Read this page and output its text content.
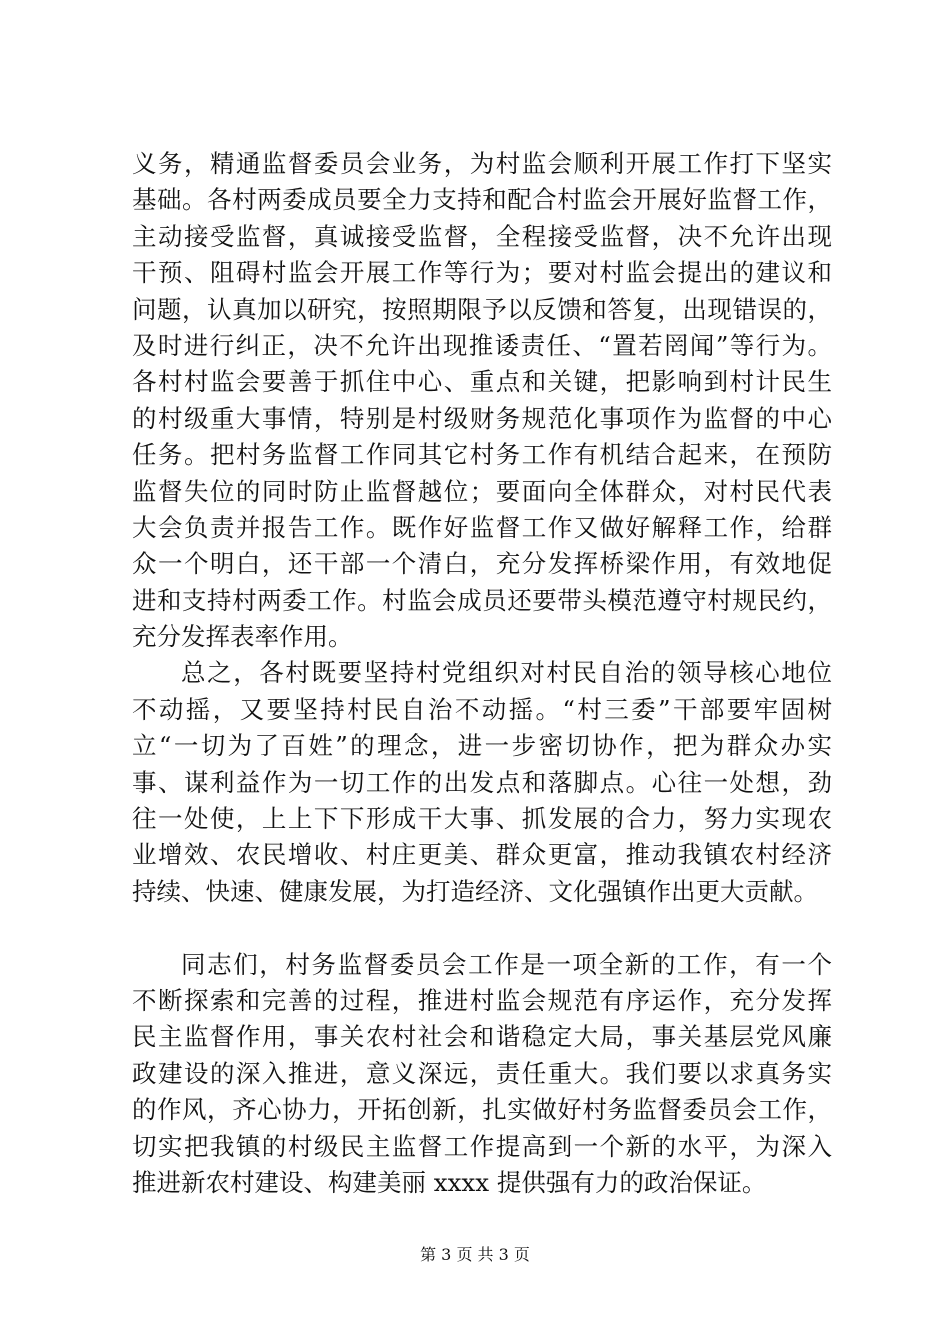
义务，精通监督委员会业务，为村监会顺利开展工作打下坚实
基础。各村两委成员要全力支持和配合村监会开展好监督工作，
主动接受监督，真诚接受监督，全程接受监督，决不允许出现
干预、阻碍村监会开展工作等行为；要对村监会提出的建议和
问题，认真加以研究，按照期限予以反馈和答复，出现错误的，
及时进行纠正，决不允许出现推诿责任、“置若罔闻”等行为。
各村村监会要善于抓住中心、重点和关键，把影响到村计民生
的村级重大事情，特别是村级财务规范化事项作为监督的中心
任务。把村务监督工作同其它村务工作有机结合起来，在预防
监督失位的同时防止监督越位；要面向全体群众，对村民代表
大会负责并报告工作。既作好监督工作又做好解释工作，给群
众一个明白，还干部一个清白，充分发挥桥梁作用，有效地促
进和支持村两委工作。村监会成员还要带头模范遵守村规民约，
充分发挥表率作用。
总之，各村既要坚持村党组织对村民自治的领导核心地位
不动摇，又要坚持村民自治不动摇。“村三委”干部要牢固树
立“一切为了百姓”的理念，进一步密切协作，把为群众办实
事、谋利益作为一切工作的出发点和落脚点。心往一处想，劲
往一处使，上上下下形成干大事、抓发展的合力，努力实现农
业增效、农民增收、村庄更美、群众更富，推动我镇农村经济
持续、快速、健康发展，为打造经济、文化强镇作出更大贡献。
同志们，村务监督委员会工作是一项全新的工作，有一个
不断探索和完善的过程，推进村监会规范有序运作，充分发挥
民主监督作用，事关农村社会和谐稳定大局，事关基层党风廉
政建设的深入推进，意义深远，责任重大。我们要以求真务实
的作风，齐心协力，开拓创新，扎实做好村务监督委员会工作，
切实把我镇的村级民主监督工作提高到一个新的水平，为深入
推进新农村建设、构建美丽 xxxx 提供强有力的政治保证。
第 3 页 共 3 页
